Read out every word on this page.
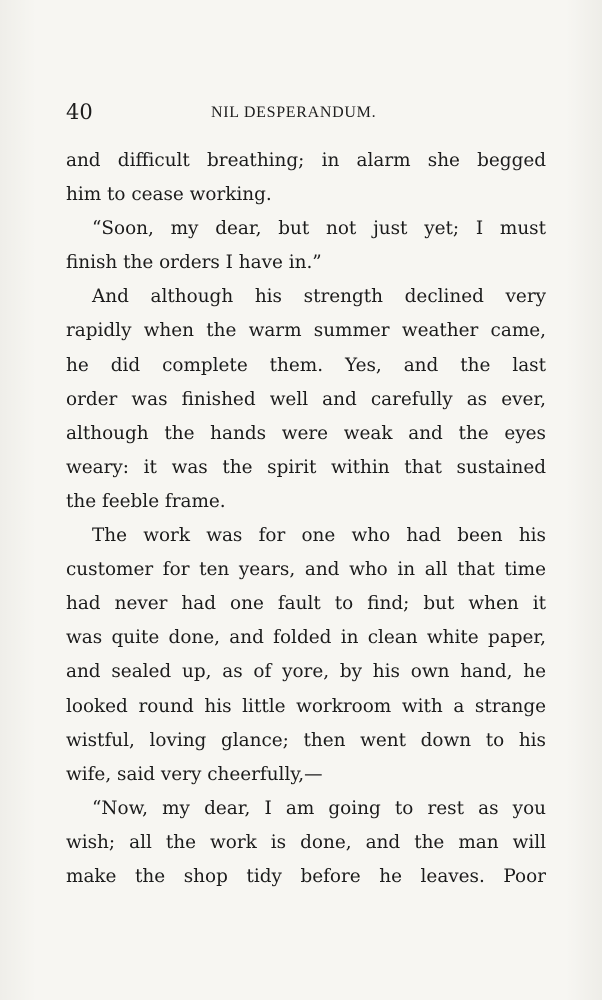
40	NIL DESPERANDUM.
and difficult breathing; in alarm she begged
him to cease working.
“Soon, my dear, but not just yet; I must
finish the orders I have in.”
And although his strength declined very
rapidly when the warm summer weather came,
he did complete them. Yes, and the last
order was finished well and carefully as ever,
although the hands were weak and the eyes
weary: it was the spirit within that sustained
the feeble frame.
The work was for one who had been his
customer for ten years, and who in all that time
had never had one fault to find; but when it
was quite done, and folded in clean white paper,
and sealed up, as of yore, by his own hand, he
looked round his little workroom with a strange
wistful, loving glance; then went down to his
wife, said very cheerfully,—
“Now, my dear, I am going to rest as you
wish; all the work is done, and the man will
make the shop tidy before he leaves. Poor
